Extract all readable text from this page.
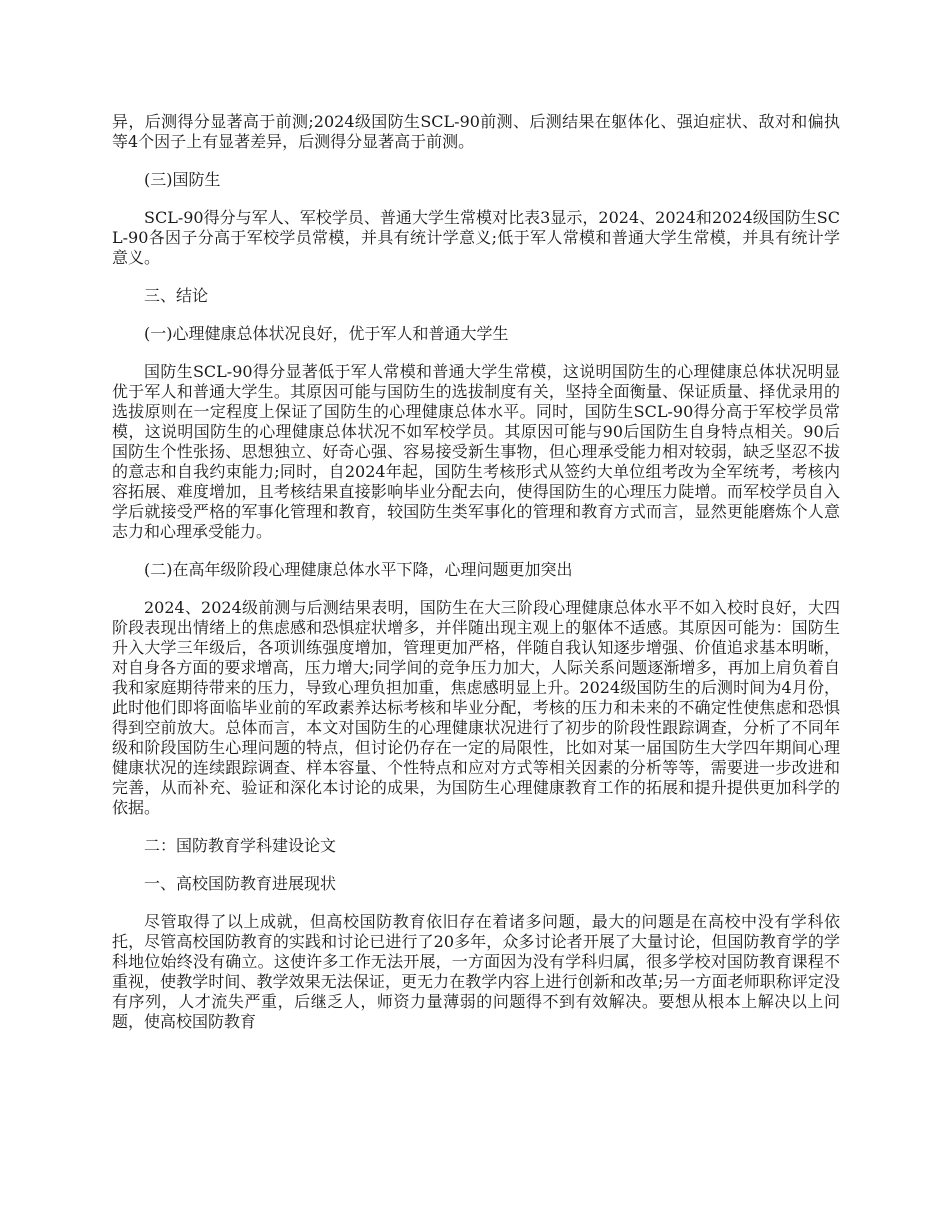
异，后测得分显著高于前测;2024级国防生SCL-90前测、后测结果在躯体化、强迫症状、敌对和偏执等4个因子上有显著差异，后测得分显著高于前测。

(三)国防生

SCL-90得分与军人、军校学员、普通大学生常模对比表3显示，2024、2024和2024级国防生SCL-90各因子分高于军校学员常模，并具有统计学意义;低于军人常模和普通大学生常模，并具有统计学意义。

三、结论

(一)心理健康总体状况良好，优于军人和普通大学生

国防生SCL-90得分显著低于军人常模和普通大学生常模，这说明国防生的心理健康总体状况明显优于军人和普通大学生。其原因可能与国防生的选拔制度有关，坚持全面衡量、保证质量、择优录用的选拔原则在一定程度上保证了国防生的心理健康总体水平。同时，国防生SCL-90得分高于军校学员常模，这说明国防生的心理健康总体状况不如军校学员。其原因可能与90后国防生自身特点相关。90后国防生个性张扬、思想独立、好奇心强、容易接受新生事物，但心理承受能力相对较弱，缺乏坚忍不拔的意志和自我约束能力;同时，自2024年起，国防生考核形式从签约大单位组考改为全军统考，考核内容拓展、难度增加，且考核结果直接影响毕业分配去向，使得国防生的心理压力陡增。而军校学员自入学后就接受严格的军事化管理和教育，较国防生类军事化的管理和教育方式而言，显然更能磨炼个人意志力和心理承受能力。

(二)在高年级阶段心理健康总体水平下降，心理问题更加突出

2024、2024级前测与后测结果表明，国防生在大三阶段心理健康总体水平不如入校时良好，大四阶段表现出情绪上的焦虑感和恐惧症状增多，并伴随出现主观上的躯体不适感。其原因可能为：国防生升入大学三年级后，各项训练强度增加，管理更加严格，伴随自我认知逐步增强、价值追求基本明晰，对自身各方面的要求增高，压力增大;同学间的竞争压力加大，人际关系问题逐渐增多，再加上肩负着自我和家庭期待带来的压力，导致心理负担加重，焦虑感明显上升。2024级国防生的后测时间为4月份，此时他们即将面临毕业前的军政素养达标考核和毕业分配，考核的压力和未来的不确定性使焦虑和恐惧得到空前放大。总体而言，本文对国防生的心理健康状况进行了初步的阶段性跟踪调查，分析了不同年级和阶段国防生心理问题的特点，但讨论仍存在一定的局限性，比如对某一届国防生大学四年期间心理健康状况的连续跟踪调查、样本容量、个性特点和应对方式等相关因素的分析等等，需要进一步改进和完善，从而补充、验证和深化本讨论的成果，为国防生心理健康教育工作的拓展和提升提供更加科学的依据。

二：国防教育学科建设论文

一、高校国防教育进展现状

尽管取得了以上成就，但高校国防教育依旧存在着诸多问题，最大的问题是在高校中没有学科依托，尽管高校国防教育的实践和讨论已进行了20多年，众多讨论者开展了大量讨论，但国防教育学的学科地位始终没有确立。这使许多工作无法开展，一方面因为没有学科归属，很多学校对国防教育课程不重视，使教学时间、教学效果无法保证，更无力在教学内容上进行创新和改革;另一方面老师职称评定没有序列，人才流失严重，后继乏人，师资力量薄弱的问题得不到有效解决。要想从根本上解决以上问题，使高校国防教育
